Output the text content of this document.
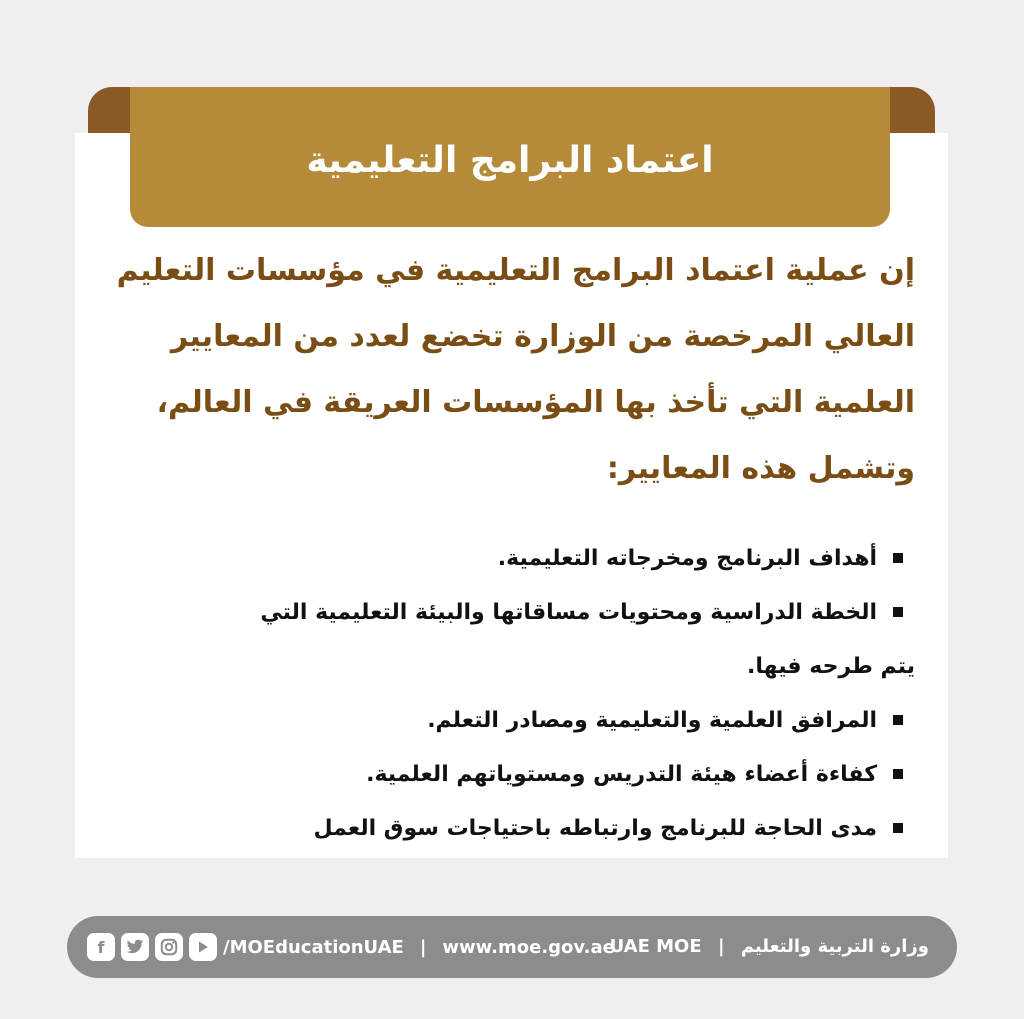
اعتماد البرامج التعليمية
إن عملية اعتماد البرامج التعليمية في مؤسسات التعليم
العالي المرخصة من الوزارة تخضع لعدد من المعايير
العلمية التي تأخذ بها المؤسسات العريقة في العالم،
وتشمل هذه المعايير:
أهداف البرنامج ومخرجاته التعليمية.
الخطة الدراسية ومحتويات مساقاتها والبيئة التعليمية التي
يتم طرحه فيها.
المرافق العلمية والتعليمية ومصادر التعلم.
كفاءة أعضاء هيئة التدريس ومستوياتهم العلمية.
مدى الحاجة للبرنامج وارتباطه باحتياجات سوق العمل
f	/MOEducationUAE | www.moe.gov.ae	وزارة التربية والتعليم | UAE MOE
